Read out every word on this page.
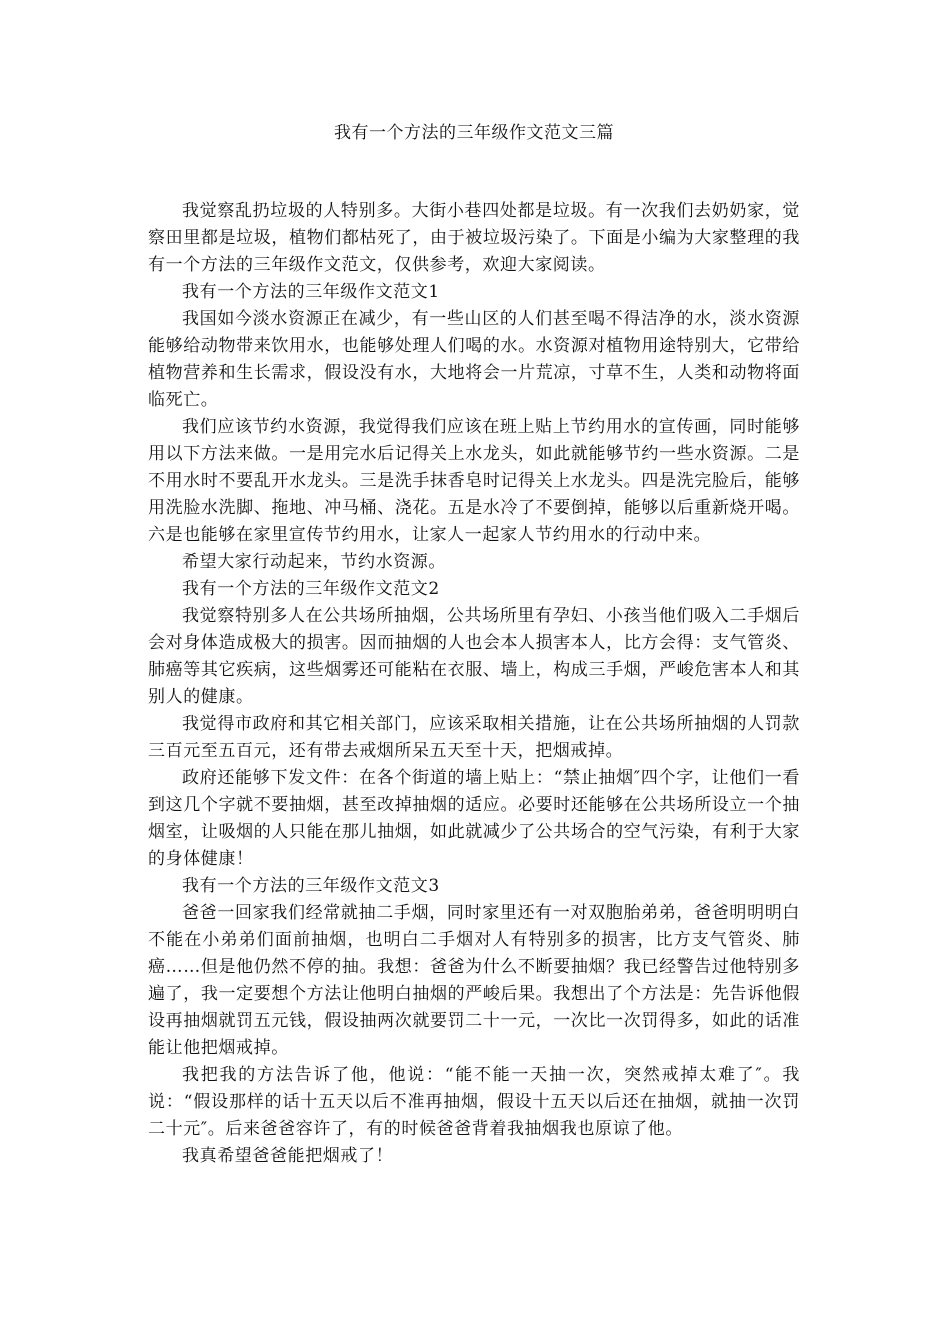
我有一个方法的三年级作文范文三篇

我觉察乱扔垃圾的人特别多。大街小巷四处都是垃圾。有一次我们去奶奶家，觉察田里都是垃圾，植物们都枯死了，由于被垃圾污染了。下面是小编为大家整理的我有一个方法的三年级作文范文，仅供参考，欢迎大家阅读。

我有一个方法的三年级作文范文1

我国如今淡水资源正在减少，有一些山区的人们甚至喝不得洁净的水，淡水资源能够给动物带来饮用水，也能够处理人们喝的水。水资源对植物用途特别大，它带给植物营养和生长需求，假设没有水，大地将会一片荒凉，寸草不生，人类和动物将面临死亡。

我们应该节约水资源，我觉得我们应该在班上贴上节约用水的宣传画，同时能够用以下方法来做。一是用完水后记得关上水龙头，如此就能够节约一些水资源。二是不用水时不要乱开水龙头。三是洗手抹香皂时记得关上水龙头。四是洗完脸后，能够用洗脸水洗脚、拖地、冲马桶、浇花。五是水冷了不要倒掉，能够以后重新烧开喝。六是也能够在家里宣传节约用水，让家人一起家人节约用水的行动中来。

希望大家行动起来，节约水资源。

我有一个方法的三年级作文范文2

我觉察特别多人在公共场所抽烟，公共场所里有孕妇、小孩当他们吸入二手烟后会对身体造成极大的损害。因而抽烟的人也会本人损害本人，比方会得：支气管炎、肺癌等其它疾病，这些烟雾还可能粘在衣服、墙上，构成三手烟，严峻危害本人和其别人的健康。

我觉得市政府和其它相关部门，应该采取相关措施，让在公共场所抽烟的人罚款三百元至五百元，还有带去戒烟所呆五天至十天，把烟戒掉。

政府还能够下发文件：在各个街道的墙上贴上：“禁止抽烟″四个字，让他们一看到这几个字就不要抽烟，甚至改掉抽烟的适应。必要时还能够在公共场所设立一个抽烟室，让吸烟的人只能在那儿抽烟，如此就减少了公共场合的空气污染，有利于大家的身体健康！

我有一个方法的三年级作文范文3

爸爸一回家我们经常就抽二手烟，同时家里还有一对双胞胎弟弟，爸爸明明明白不能在小弟弟们面前抽烟，也明白二手烟对人有特别多的损害，比方支气管炎、肺癌……但是他仍然不停的抽。我想：爸爸为什么不断要抽烟？我已经警告过他特别多遍了，我一定要想个方法让他明白抽烟的严峻后果。我想出了个方法是：先告诉他假设再抽烟就罚五元钱，假设抽两次就要罚二十一元，一次比一次罚得多，如此的话准能让他把烟戒掉。

我把我的方法告诉了他，他说：“能不能一天抽一次，突然戒掉太难了″。我说：“假设那样的话十五天以后不准再抽烟，假设十五天以后还在抽烟，就抽一次罚二十元″。后来爸爸容许了，有的时候爸爸背着我抽烟我也原谅了他。

我真希望爸爸能把烟戒了！
